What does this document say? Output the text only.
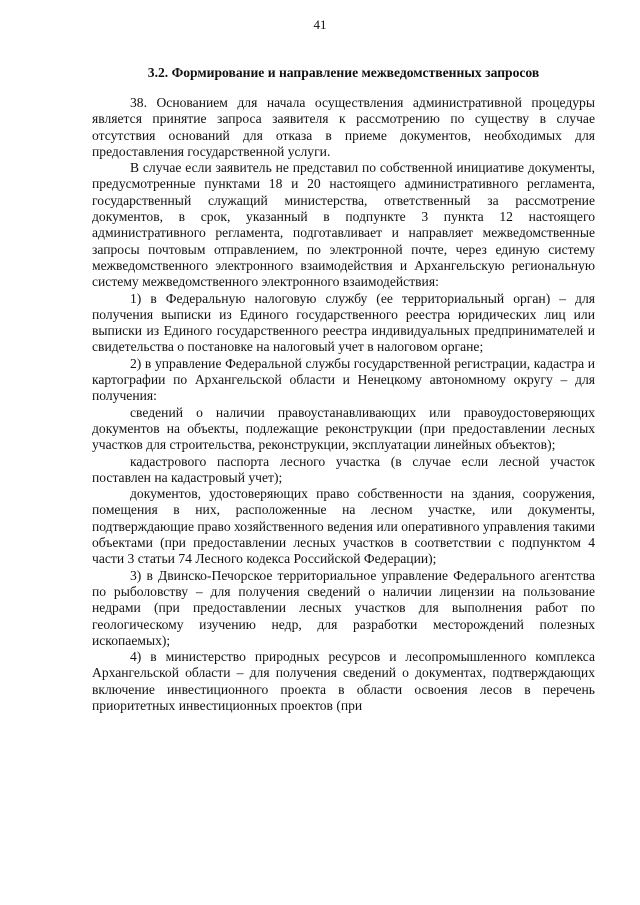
41
3.2. Формирование и направление межведомственных запросов

38. Основанием для начала осуществления административной процедуры является принятие запроса заявителя к рассмотрению по существу в случае отсутствия оснований для отказа в приеме документов, необходимых для предоставления государственной услуги.

В случае если заявитель не представил по собственной инициативе документы, предусмотренные пунктами 18 и 20 настоящего административного регламента, государственный служащий министерства, ответственный за рассмотрение документов, в срок, указанный в подпункте 3 пункта 12 настоящего административного регламента, подготавливает и направляет межведомственные запросы почтовым отправлением, по электронной почте, через единую систему межведомственного электронного взаимодействия и Архангельскую региональную систему межведомственного электронного взаимодействия:

1) в Федеральную налоговую службу (ее территориальный орган) – для получения выписки из Единого государственного реестра юридических лиц или выписки из Единого государственного реестра индивидуальных предпринимателей и свидетельства о постановке на налоговый учет в налоговом органе;

2) в управление Федеральной службы государственной регистрации, кадастра и картографии по Архангельской области и Ненецкому автономному округу – для получения:

сведений о наличии правоустанавливающих или правоудостоверяющих документов на объекты, подлежащие реконструкции (при предоставлении лесных участков для строительства, реконструкции, эксплуатации линейных объектов);

кадастрового паспорта лесного участка (в случае если лесной участок поставлен на кадастровый учет);

документов, удостоверяющих право собственности на здания, сооружения, помещения в них, расположенные на лесном участке, или документы, подтверждающие право хозяйственного ведения или оперативного управления такими объектами (при предоставлении лесных участков в соответствии с подпунктом 4 части 3 статьи 74 Лесного кодекса Российской Федерации);

3) в Двинско-Печорское территориальное управление Федерального агентства по рыболовству – для получения сведений о наличии лицензии на пользование недрами (при предоставлении лесных участков для выполнения работ по геологическому изучению недр, для разработки месторождений полезных ископаемых);

4) в министерство природных ресурсов и лесопромышленного комплекса Архангельской области – для получения сведений о документах, подтверждающих включение инвестиционного проекта в области освоения лесов в перечень приоритетных инвестиционных проектов (при
